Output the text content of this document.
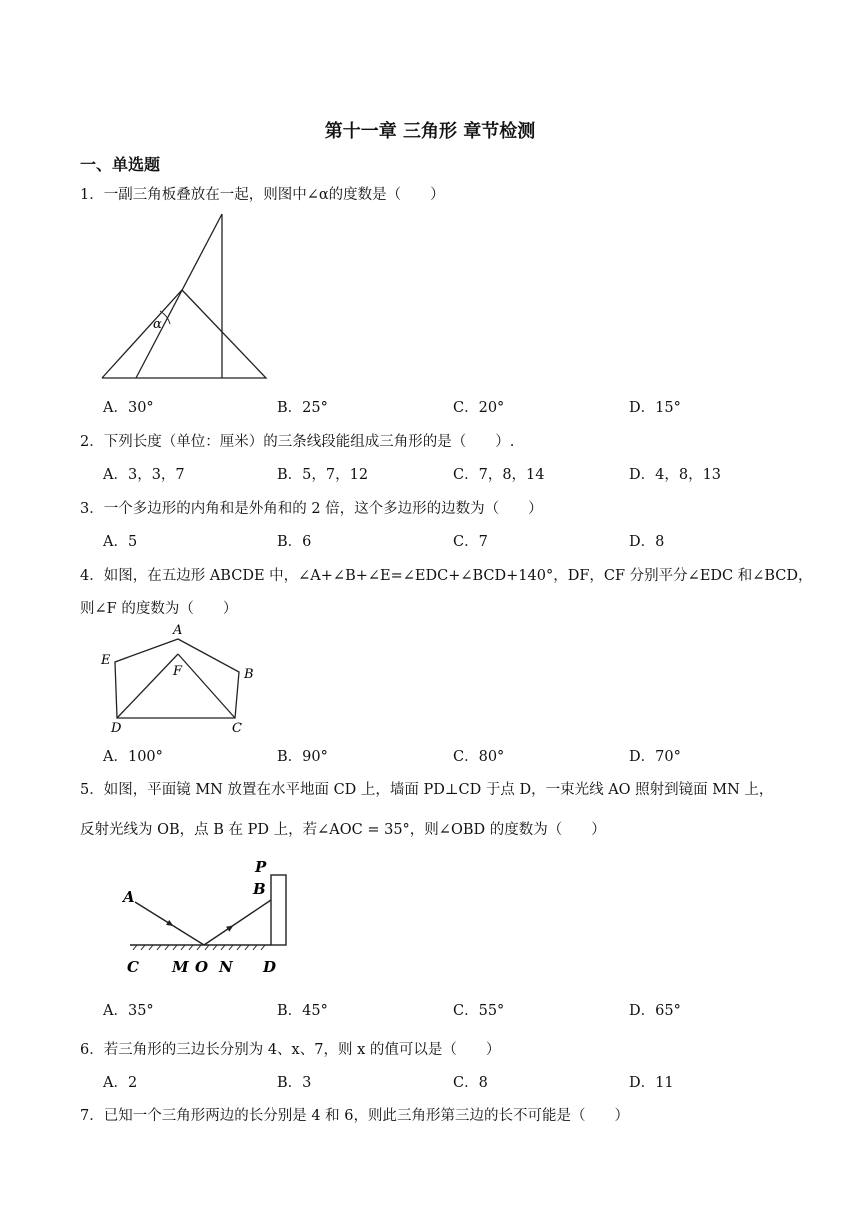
第十一章 三角形 章节检测
一、单选题
1．一副三角板叠放在一起，则图中∠α的度数是（　　）
α
A．30°	B．25°	C．20°	D．15°
2．下列长度（单位：厘米）的三条线段能组成三角形的是（　　）.
A．3，3，7	B．5，7，12	C．7，8，14	D．4，8，13
3．一个多边形的内角和是外角和的 2 倍，这个多边形的边数为（　　）
A．5	B．6	C．7	D．8
4．如图，在五边形 ABCDE 中，∠A+∠B+∠E=∠EDC+∠BCD+140°，DF，CF 分别平分∠EDC 和∠BCD，
则∠F 的度数为（　　）
A
B
C
D
E
F
A．100°	B．90°	C．80°	D．70°
5．如图，平面镜 MN 放置在水平地面 CD 上，墙面 PD⊥CD 于点 D，一束光线 AO 照射到镜面 MN 上，
反射光线为 OB，点 B 在 PD 上，若∠AOC = 35°，则∠OBD 的度数为（　　）
P
B
A
C M O N D
A．35°	B．45°	C．55°	D．65°
6．若三角形的三边长分别为 4、x、7，则 x 的值可以是（　　）
A．2	B．3	C．8	D．11
7．已知一个三角形两边的长分别是 4 和 6，则此三角形第三边的长不可能是（　　）
